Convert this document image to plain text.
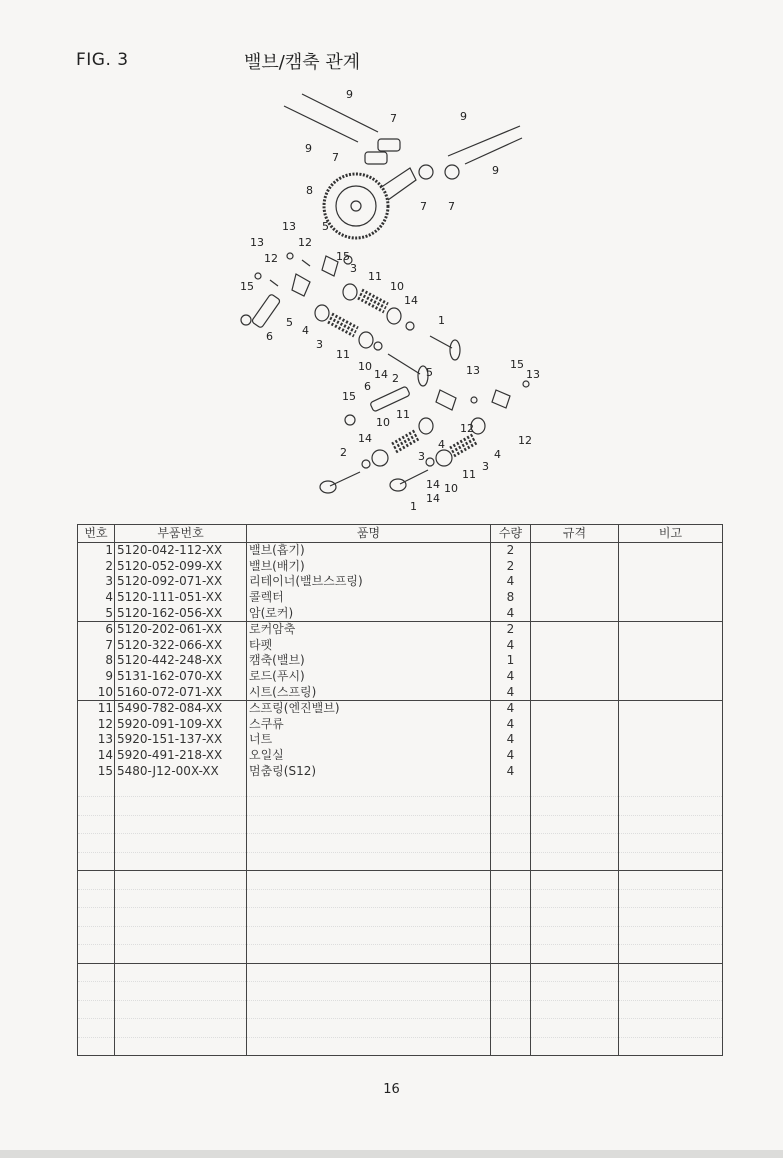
FIG. 3	밸브/캠축 관계
9
9
7
7
9
9
7 7
8
13 5
13	12
12	15
3
11
15	10
14
5
4
6
3
11
1
10
14 2 5	13	15
13
15
6
11
12
4
14
10
12
2	3	4
11
3
14 10
1
14
번호	부품번호	품명	수량	규격	비고
1	5120-042-112-XX	밸브(흡기)	2		
2	5120-052-099-XX	밸브(배기)	2		
3	5120-092-071-XX	리테이너(밸브스프링)	4		
4	5120-111-051-XX	콜렉터	8		
5	5120-162-056-XX	암(로커)	4		
6	5120-202-061-XX	로커암축	2		
7	5120-322-066-XX	타펫	4		
8	5120-442-248-XX	캠축(밸브)	1		
9	5131-162-070-XX	로드(푸시)	4		
10	5160-072-071-XX	시트(스프링)	4		
11	5490-782-084-XX	스프링(엔진밸브)	4		
12	5920-091-109-XX	스쿠류	4		
13	5920-151-137-XX	너트	4		
14	5920-491-218-XX	오일실	4		
15	5480-J12-00X-XX	멈춤링(S12)	4		

16
